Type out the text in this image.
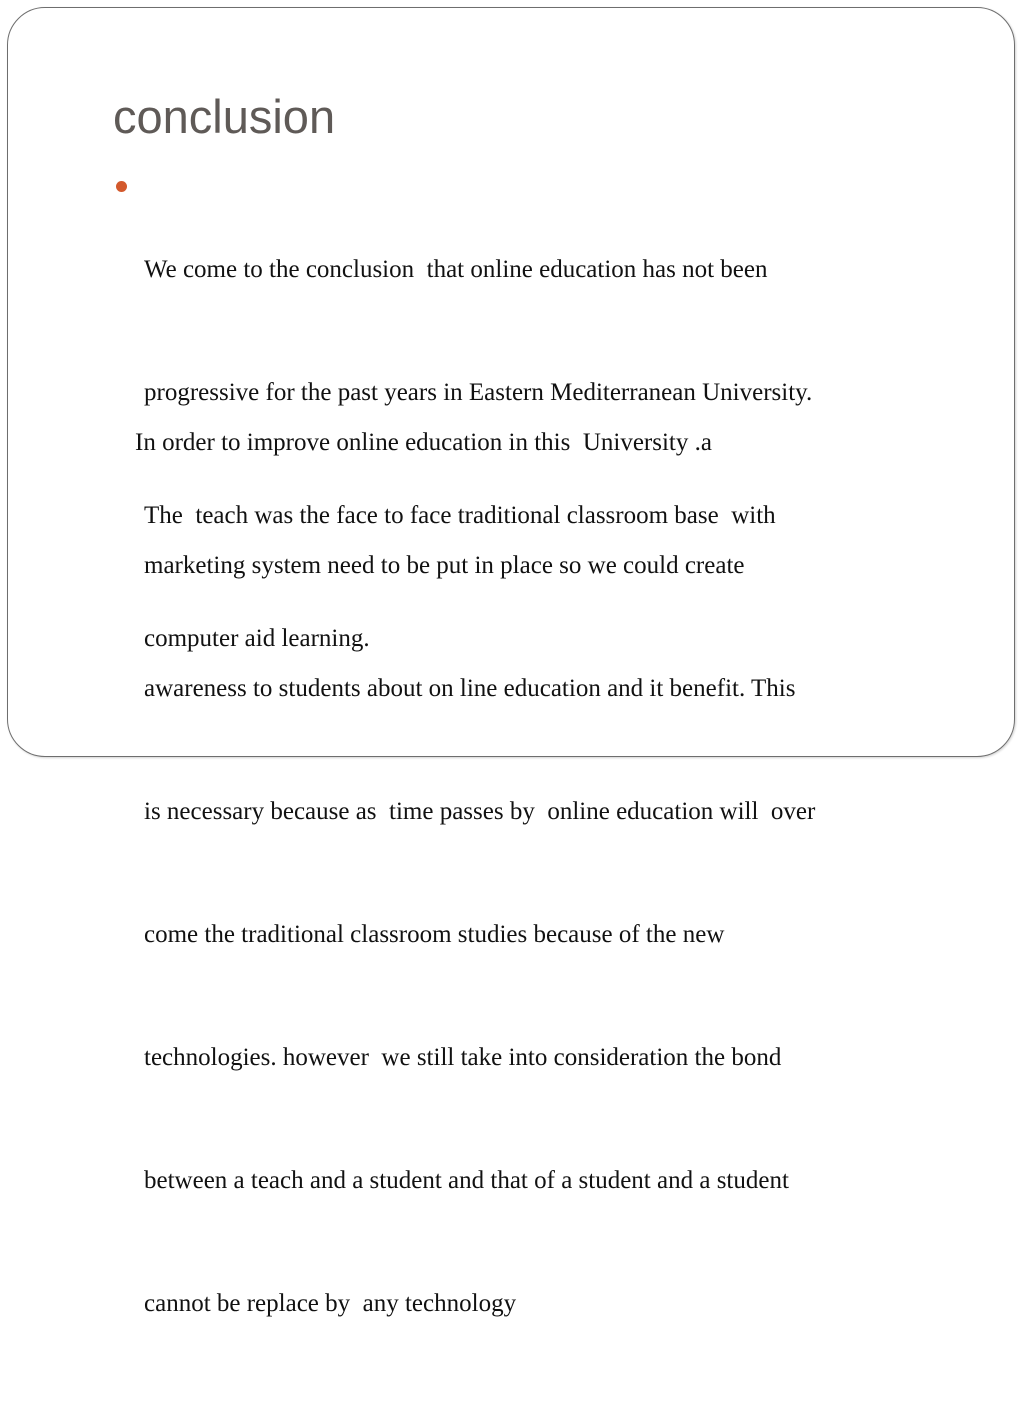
conclusion

We come to the conclusion  that online education has not been

progressive for the past years in Eastern Mediterranean University.

The  teach was the face to face traditional classroom base  with

computer aid learning.

In order to improve online education in this  University .a

marketing system need to be put in place so we could create

awareness to students about on line education and it benefit. This

is necessary because as  time passes by  online education will  over

come the traditional classroom studies because of the new

technologies. however  we still take into consideration the bond

between a teach and a student and that of a student and a student

cannot be replace by  any technology
